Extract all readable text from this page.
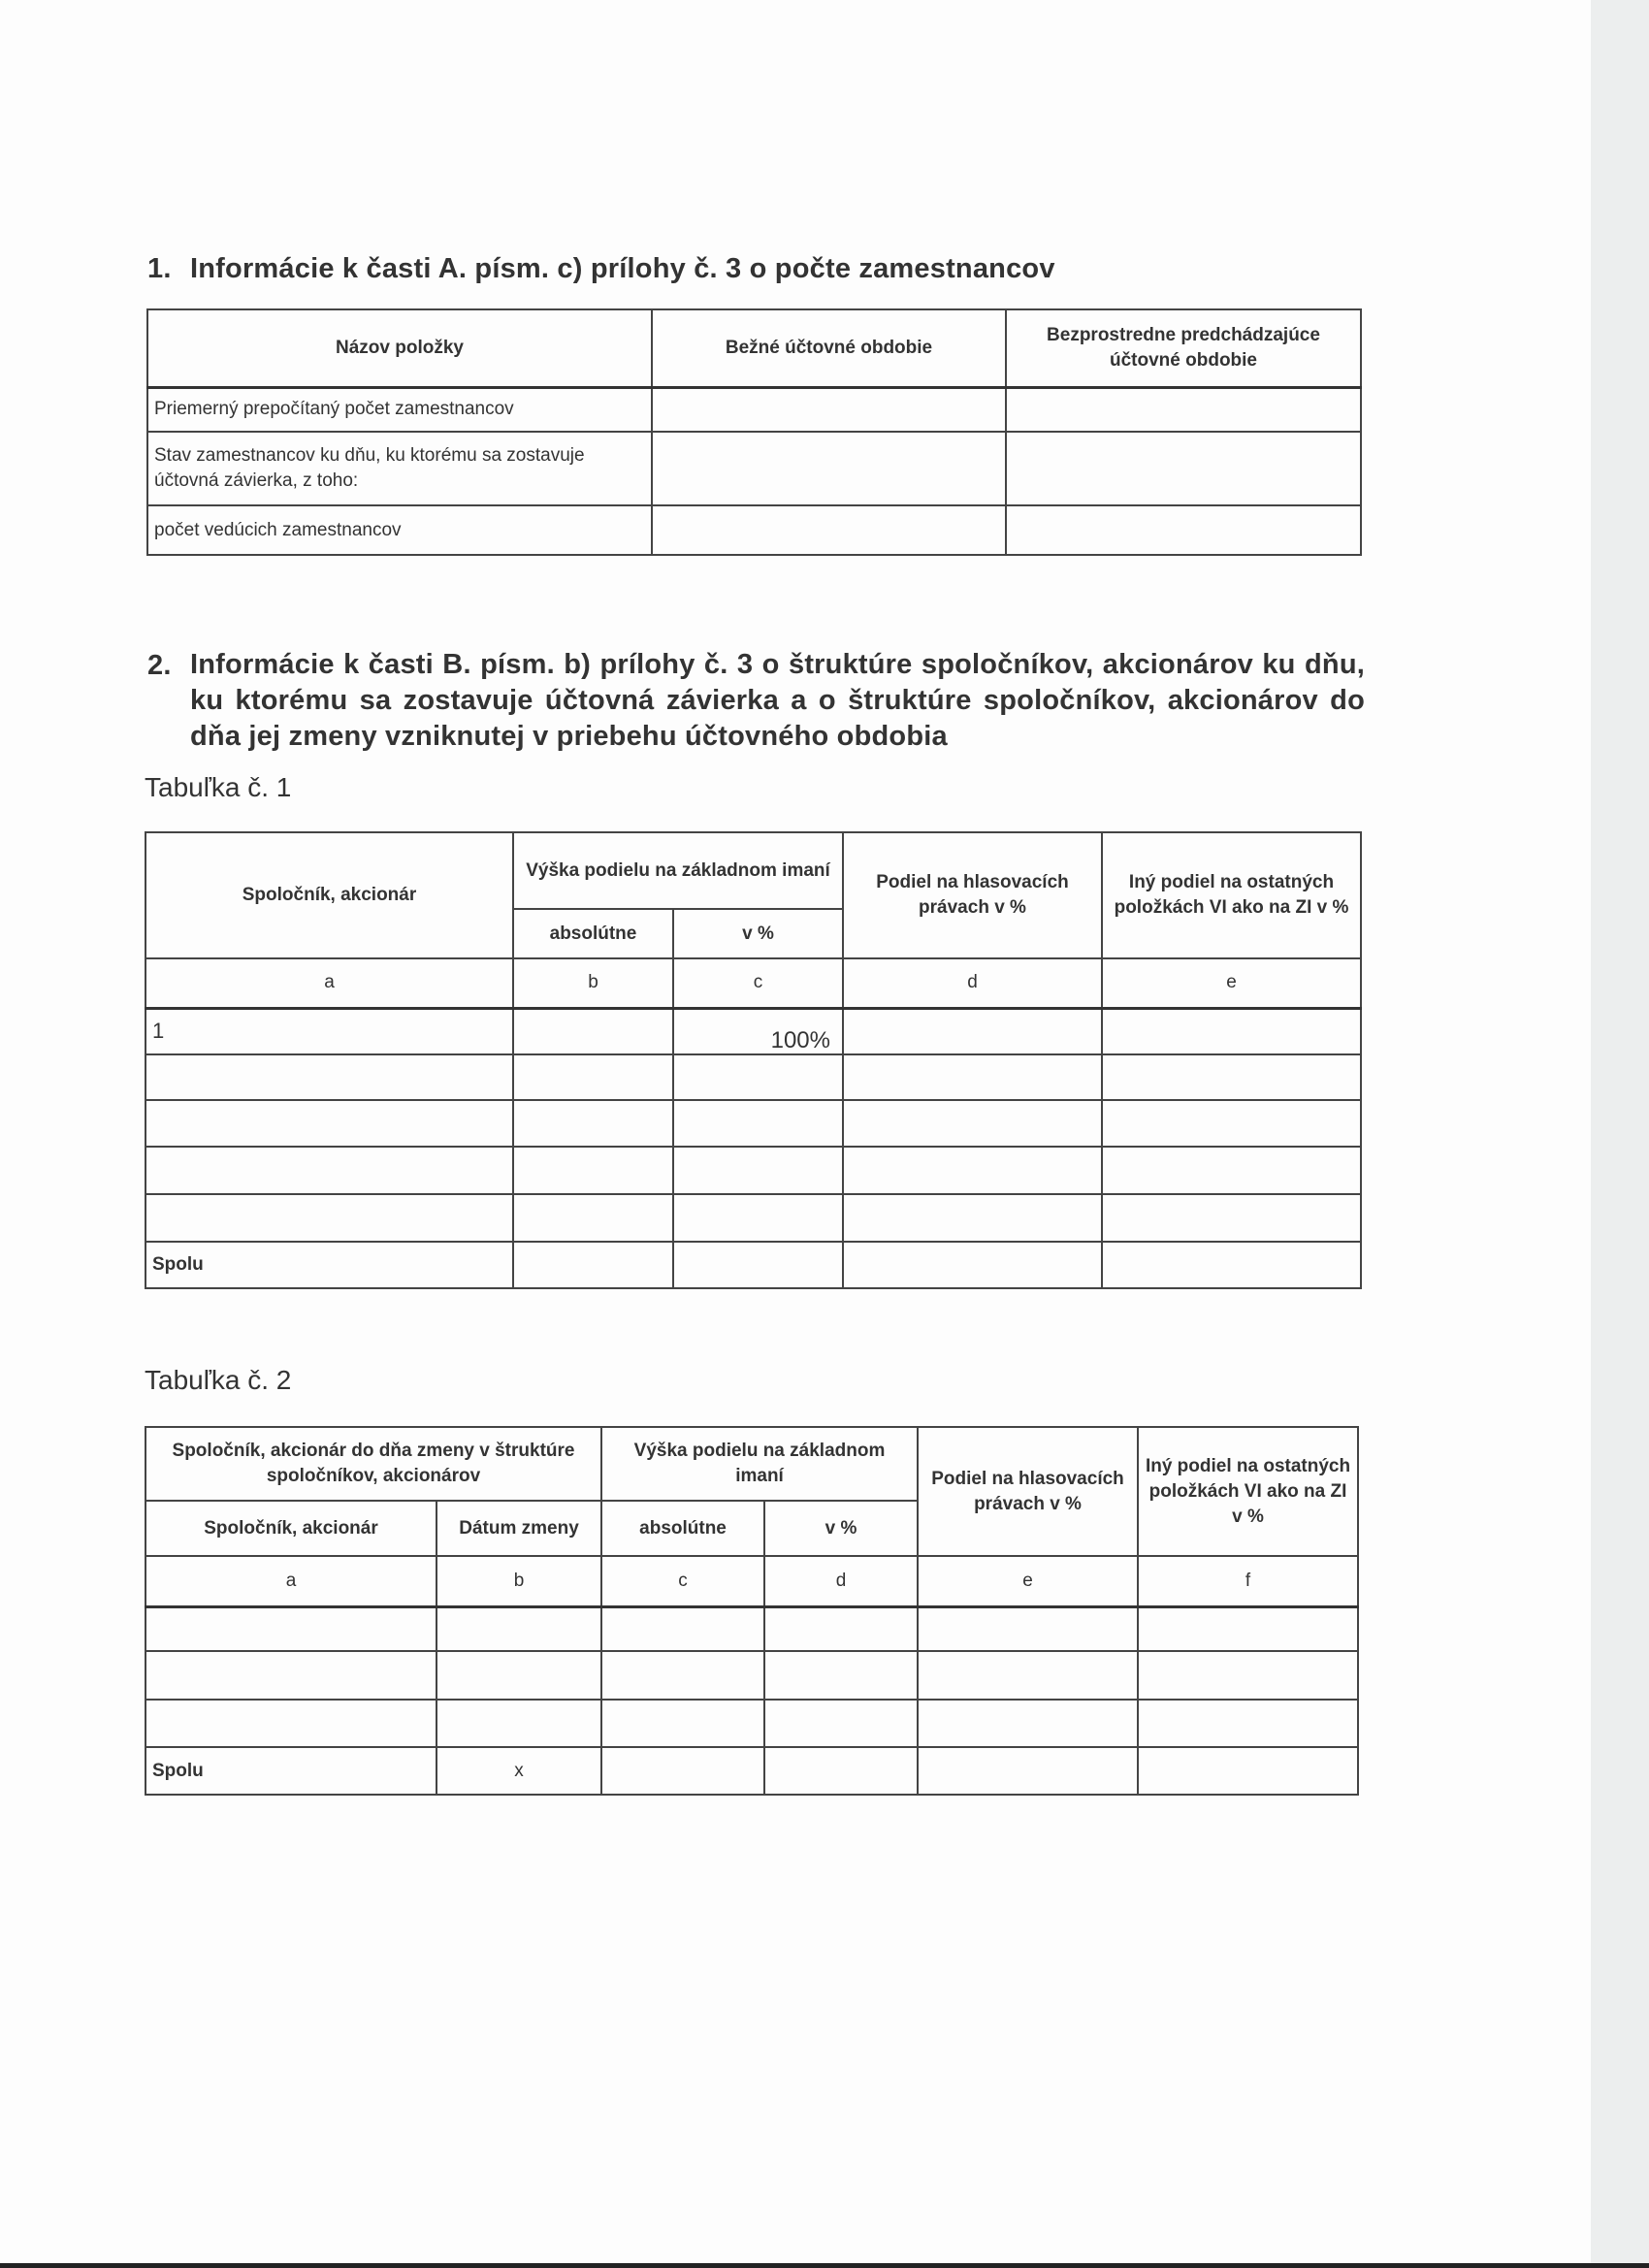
1. Informácie k časti A. písm. c) prílohy č. 3 o počte zamestnancov
Názov položky	Bežné účtovné obdobie	Bezprostredne predchádzajúce účtovné obdobie
Priemerný prepočítaný počet zamestnancov		
Stav zamestnancov ku dňu, ku ktorému sa zostavuje účtovná závierka, z toho:		
počet vedúcich zamestnancov		
2. Informácie k časti B. písm. b) prílohy č. 3 o štruktúre spoločníkov, akcionárov ku dňu, ku ktorému sa zostavuje účtovná závierka a o štruktúre spoločníkov, akcionárov do dňa jej zmeny vzniknutej v priebehu účtovného obdobia
Tabuľka č. 1
Spoločník, akcionár	Výška podielu na základnom imaní		Podiel na hlasovacích právach v %	Iný podiel na ostatných položkách VI ako na ZI v %
	absolútne	v %		
a	b	c	d	e
1		100%		

Spolu				
Tabuľka č. 2
Spoločník, akcionár do dňa zmeny v štruktúre spoločníkov, akcionárov		Výška podielu na základnom imaní		Podiel na hlasovacích právach v %	Iný podiel na ostatných položkách VI ako na ZI v %
Spoločník, akcionár	Dátum zmeny	absolútne	v %		
a	b	c	d	e	f

Spolu	x				
